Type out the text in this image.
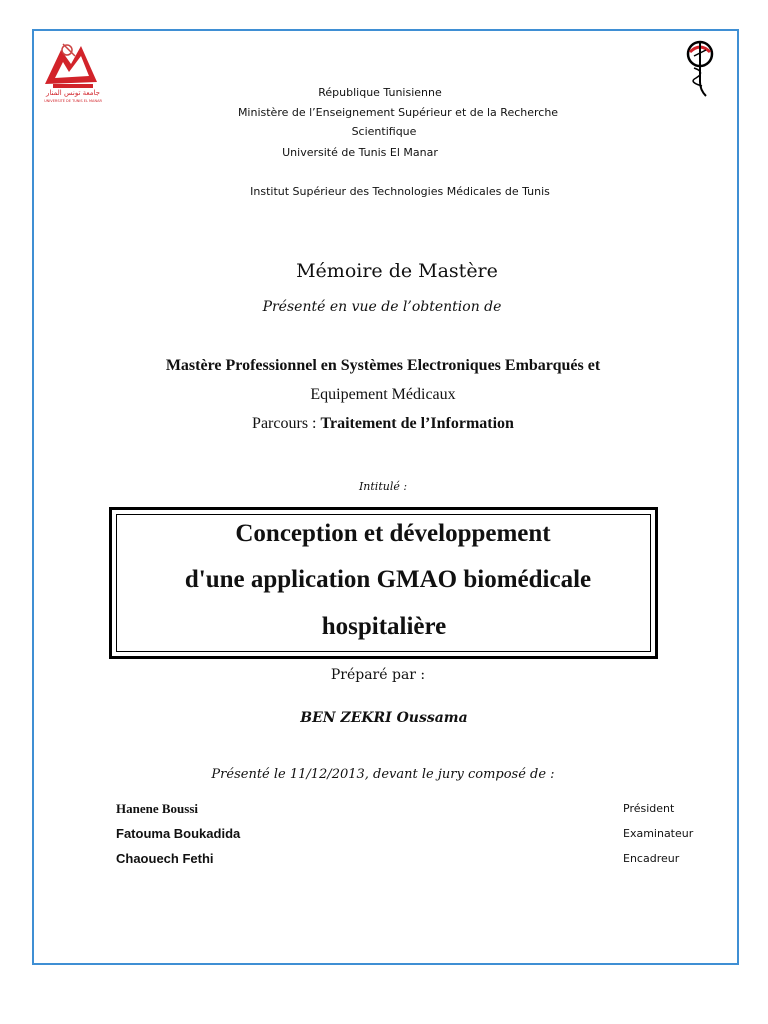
جامعة تونس المنار
UNIVERSITÉ DE TUNIS EL MANAR
République Tunisienne
Ministère de l’Enseignement Supérieur et de la Recherche
Scientifique
Université de Tunis El Manar
Institut Supérieur des Technologies Médicales de Tunis
Mémoire de Mastère
Présenté en vue de l’obtention de
Mastère Professionnel en Systèmes Electroniques Embarqués et
Equipement Médicaux
Parcours : Traitement de l’Information
Intitulé :
Conception et développement
d'une application GMAO biomédicale
hospitalière
Préparé par :
BEN ZEKRI Oussama
Présenté le 11/12/2013, devant le jury composé de :
Hanene Boussi	Président
Fatouma Boukadida	Examinateur
Chaouech Fethi	Encadreur
